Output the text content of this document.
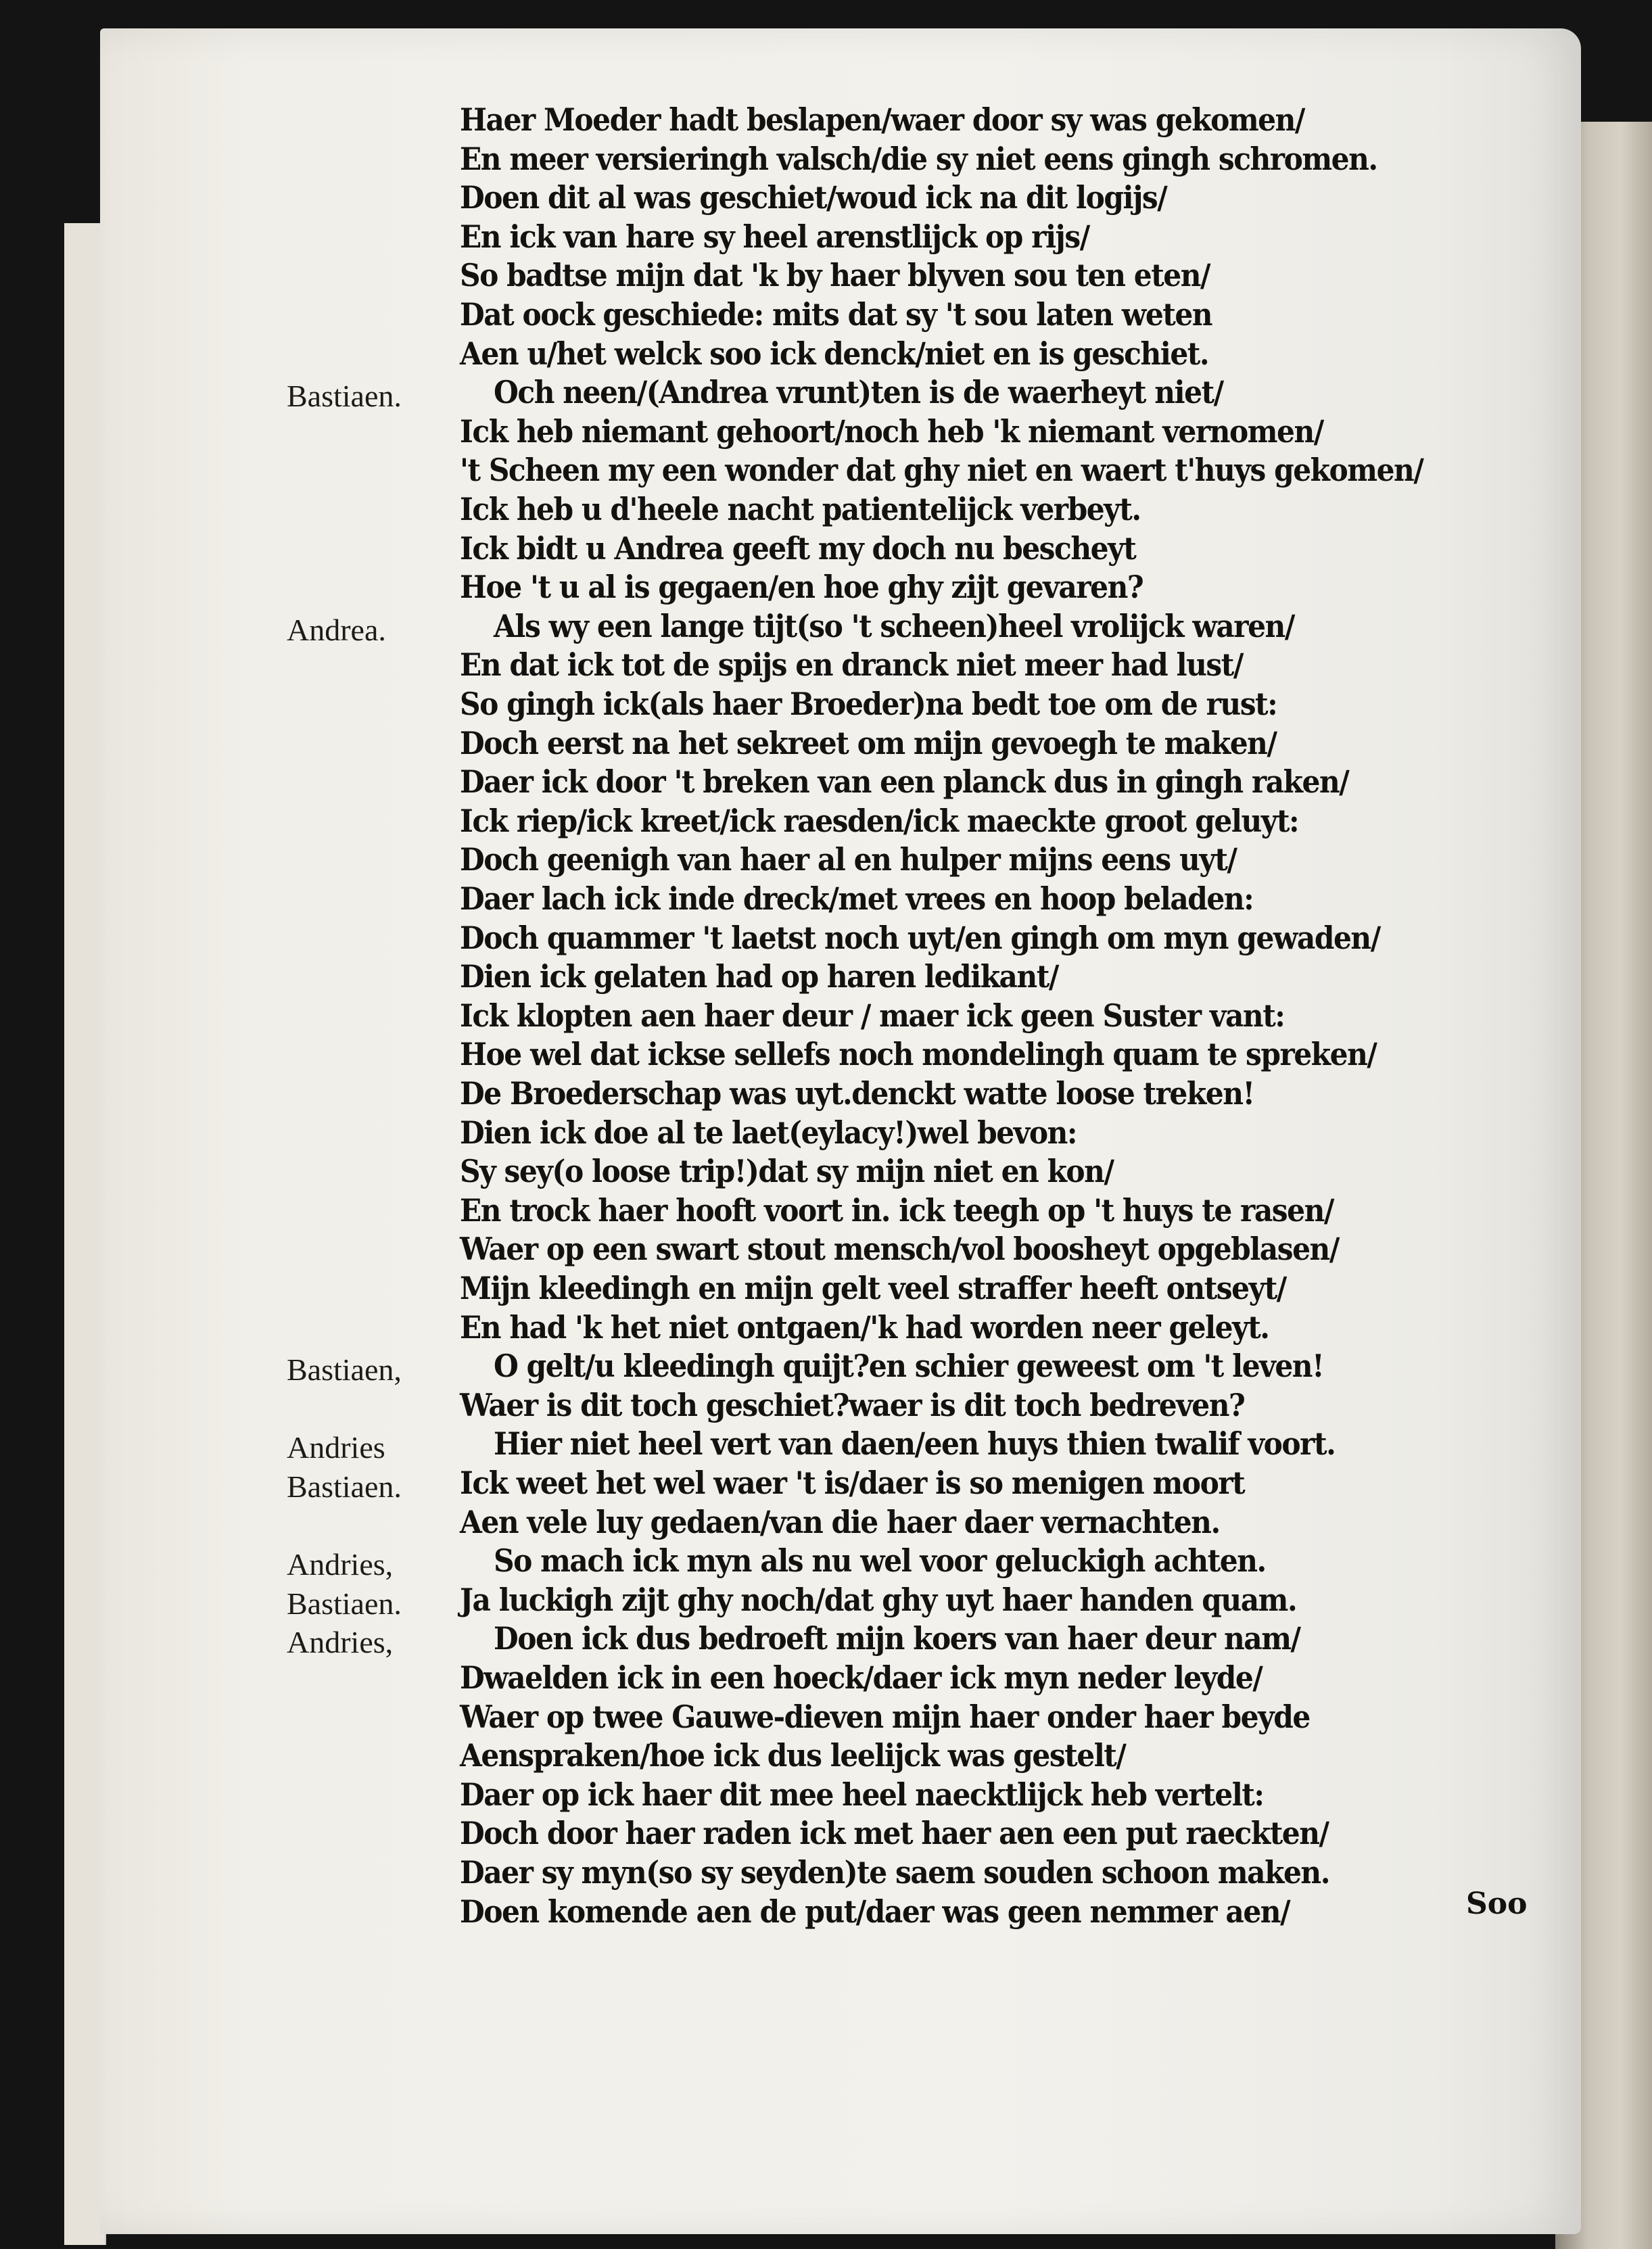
Haer Moeder hadt beslapen/waer door sy was gekomen/
En meer versieringh valsch/die sy niet eens gingh schromen.
Doen dit al was geschiet/woud ick na dit logijs/
En ick van hare sy heel arenstlijck op rijs/
So badtse mijn dat 'k by haer blyven sou ten eten/
Dat oock geschiede: mits dat sy 't sou laten weten
Aen u/het welck soo ick denck/niet en is geschiet.
Bastiaen.	Och neen/(Andrea vrunt)ten is de waerheyt niet/
Ick heb niemant gehoort/noch heb 'k niemant vernomen/
't Scheen my een wonder dat ghy niet en waert t'huys gekomen/
Ick heb u d'heele nacht patientelijck verbeyt.
Ick bidt u Andrea geeft my doch nu bescheyt
Hoe 't u al is gegaen/en hoe ghy zijt gevaren?
Andrea.	Als wy een lange tijt(so 't scheen)heel vrolijck waren/
En dat ick tot de spijs en dranck niet meer had lust/
So gingh ick(als haer Broeder)na bedt toe om de rust:
Doch eerst na het sekreet om mijn gevoegh te maken/
Daer ick door 't breken van een planck dus in gingh raken/
Ick riep/ick kreet/ick raesden/ick maeckte groot geluyt:
Doch geenigh van haer al en hulper mijns eens uyt/
Daer lach ick inde dreck/met vrees en hoop beladen:
Doch quammer 't laetst noch uyt/en gingh om myn gewaden/
Dien ick gelaten had op haren ledikant/
Ick klopten aen haer deur / maer ick geen Suster vant:
Hoe wel dat ickse sellefs noch mondelingh quam te spreken/
De Broederschap was uyt.denckt watte loose treken!
Dien ick doe al te laet(eylacy!)wel bevon:
Sy sey(o loose trip!)dat sy mijn niet en kon/
En trock haer hooft voort in. ick teegh op 't huys te rasen/
Waer op een swart stout mensch/vol boosheyt opgeblasen/
Mijn kleedingh en mijn gelt veel straffer heeft ontseyt/
En had 'k het niet ontgaen/'k had worden neer geleyt.
Bastiaen,	O gelt/u kleedingh quijt?en schier geweest om 't leven!
Waer is dit toch geschiet?waer is dit toch bedreven?
Andries	Hier niet heel vert van daen/een huys thien twalif voort.
Bastiaen. Ick weet het wel waer 't is/daer is so menigen moort
Aen vele luy gedaen/van die haer daer vernachten.
Andries,	So mach ick myn als nu wel voor geluckigh achten.
Bastiaen. Ja luckigh zijt ghy noch/dat ghy uyt haer handen quam.
Andries,	Doen ick dus bedroeft mijn koers van haer deur nam/
Dwaelden ick in een hoeck/daer ick myn neder leyde/
Waer op twee Gauwe-dieven mijn haer onder haer beyde
Aenspraken/hoe ick dus leelijck was gestelt/
Daer op ick haer dit mee heel naecktlijck heb vertelt:
Doch door haer raden ick met haer aen een put raeckten/
Daer sy myn(so sy seyden)te saem souden schoon maken.
Doen komende aen de put/daer was geen nemmer aen/	Soo
